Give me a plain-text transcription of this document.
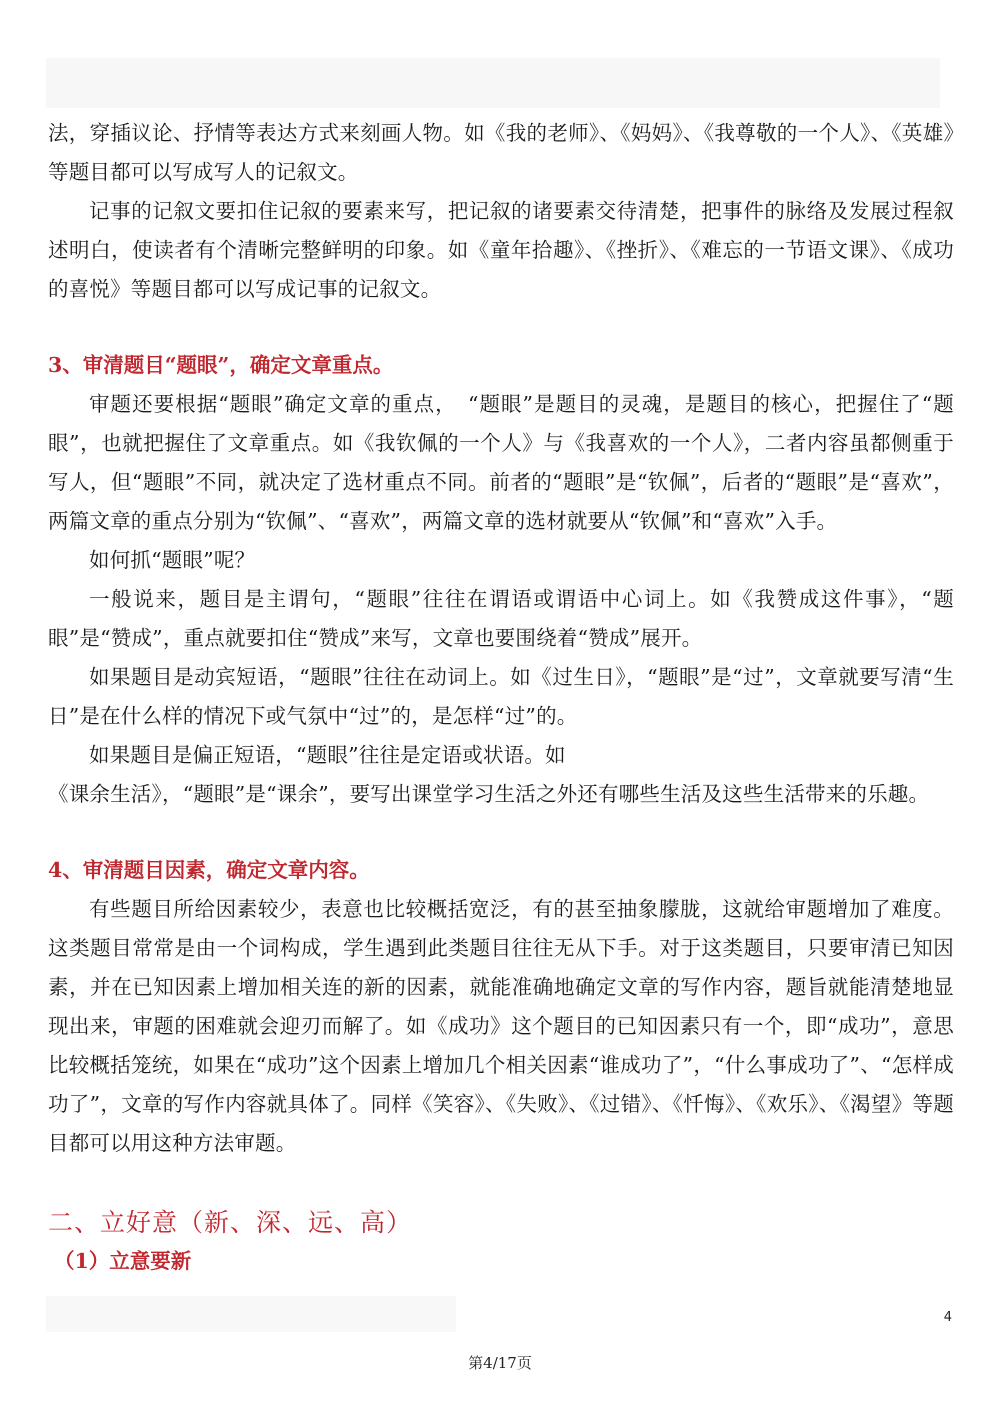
法，穿插议论、抒情等表达方式来刻画人物。如《我的老师》、《妈妈》、《我尊敬的一个人》、《英雄》等题目都可以写成写人的记叙文。

记事的记叙文要扣住记叙的要素来写，把记叙的诸要素交待清楚，把事件的脉络及发展过程叙述明白，使读者有个清晰完整鲜明的印象。如《童年拾趣》、《挫折》、《难忘的一节语文课》、《成功的喜悦》等题目都可以写成记事的记叙文。

3、审清题目“题眼”，确定文章重点。

审题还要根据“题眼”确定文章的重点，　“题眼”是题目的灵魂，是题目的核心，把握住了“题眼”，也就把握住了文章重点。如《我钦佩的一个人》与《我喜欢的一个人》，二者内容虽都侧重于写人，但“题眼”不同，就决定了选材重点不同。前者的“题眼”是“钦佩”，后者的“题眼”是“喜欢”，两篇文章的重点分别为“钦佩”、“喜欢”，两篇文章的选材就要从“钦佩”和“喜欢”入手。

如何抓“题眼”呢？

一般说来，题目是主谓句，“题眼”往往在谓语或谓语中心词上。如《我赞成这件事》，“题眼”是“赞成”，重点就要扣住“赞成”来写，文章也要围绕着“赞成”展开。

如果题目是动宾短语，“题眼”往往在动词上。如《过生日》，“题眼”是“过”，文章就要写清“生日”是在什么样的情况下或气氛中“过”的，是怎样“过”的。

如果题目是偏正短语，“题眼”往往是定语或状语。如

《课余生活》，“题眼”是“课余”，要写出课堂学习生活之外还有哪些生活及这些生活带来的乐趣。

4、审清题目因素，确定文章内容。

有些题目所给因素较少，表意也比较概括宽泛，有的甚至抽象朦胧，这就给审题增加了难度。这类题目常常是由一个词构成，学生遇到此类题目往往无从下手。对于这类题目，只要审清已知因素，并在已知因素上增加相关连的新的因素，就能准确地确定文章的写作内容，题旨就能清楚地显现出来，审题的困难就会迎刃而解了。如《成功》这个题目的已知因素只有一个，即“成功”，意思比较概括笼统，如果在“成功”这个因素上增加几个相关因素“谁成功了”，“什么事成功了”、“怎样成功了”，文章的写作内容就具体了。同样《笑容》、《失败》、《过错》、《忏悔》、《欢乐》、《渴望》等题目都可以用这种方法审题。

二、立好意（新、深、远、高）
（1）立意要新
4
第4/17页
